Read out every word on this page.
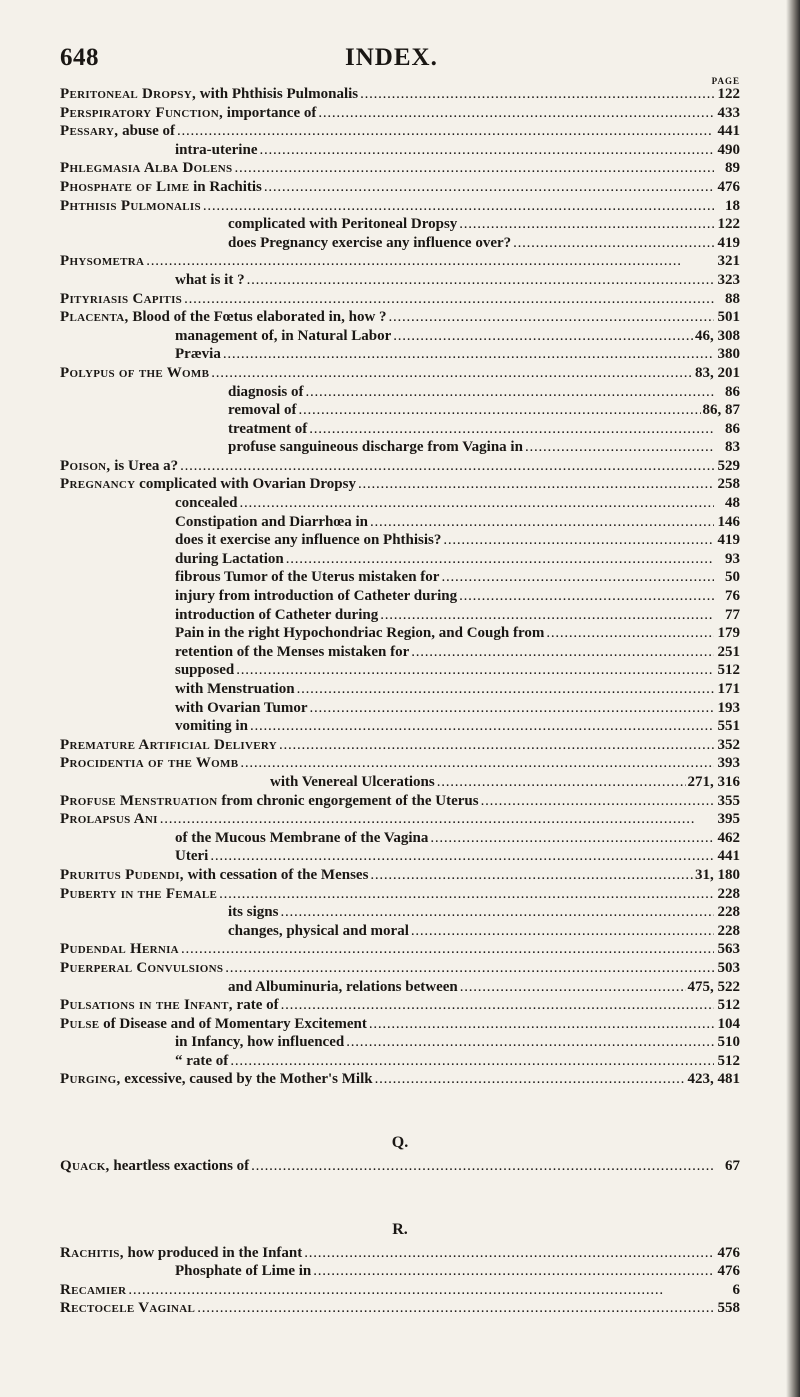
648	INDEX.
PAGE
Peritoneal Dropsy, with Phthisis Pulmonalis . . .	122
Perspiratory Function, importance of . . .	433
Pessary, abuse of . . .	441
intra-uterine . . .	490
Phlegmasia Alba Dolens . . .	89
Phosphate of Lime in Rachitis . . .	476
Phthisis Pulmonalis . . .	18
complicated with Peritoneal Dropsy . . .	122
does Pregnancy exercise any influence over? . . .	419
Physometra . . .	321
what is it ? . . .	323
Pityriasis Capitis . . .	88
Placenta, Blood of the Fœtus elaborated in, how ? . . .	501
management of, in Natural Labor . . .	46, 308
Prævia . . .	380
Polypus of the Womb . . .	83, 201
diagnosis of . . .	86
removal of . . .	86, 87
treatment of . . .	86
profuse sanguineous discharge from Vagina in . . .	83
Poison, is Urea a? . . .	529
Pregnancy complicated with Ovarian Dropsy . . .	258
concealed . . .	48
Constipation and Diarrhœa in . . .	146
does it exercise any influence on Phthisis? . . .	419
during Lactation . . .	93
fibrous Tumor of the Uterus mistaken for . . .	50
injury from introduction of Catheter during . . .	76
introduction of Catheter during . . .	77
Pain in the right Hypochondriac Region, and Cough from . . .	179
retention of the Menses mistaken for . . .	251
supposed . . .	512
with Menstruation . . .	171
with Ovarian Tumor . . .	193
vomiting in . . .	551
Premature Artificial Delivery . . .	352
Procidentia of the Womb . . .	393
with Venereal Ulcerations . . .	271, 316
Profuse Menstruation from chronic engorgement of the Uterus . . .	355
Prolapsus Ani . . .	395
of the Mucous Membrane of the Vagina . . .	462
Uteri . . .	441
Pruritus Pudendi, with cessation of the Menses . . .	31, 180
Puberty in the Female . . .	228
its signs . . .	228
changes, physical and moral . . .	228
Pudendal Hernia . . .	563
Puerperal Convulsions . . .	503
and Albuminuria, relations between . . .	475, 522
Pulsations in the Infant, rate of . . .	512
Pulse of Disease and of Momentary Excitement . . .	104
in Infancy, how influenced . . .	510
“ rate of . . .	512
Purging, excessive, caused by the Mother's Milk . . .	423, 481
Q.
Quack, heartless exactions of . . .	67
R.
Rachitis, how produced in the Infant . . .	476
Phosphate of Lime in . . .	476
Recamier . . .	6
Rectocele Vaginal . . .	558
